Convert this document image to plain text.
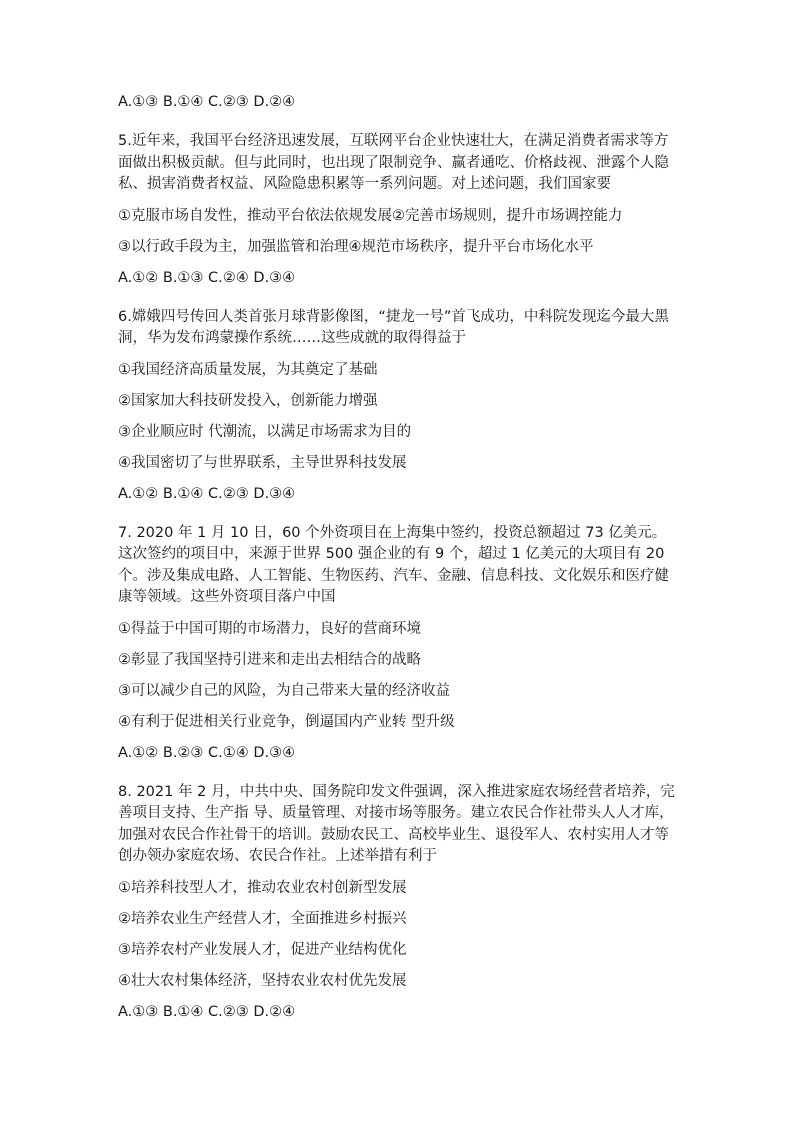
A.①③ B.①④ C.②③ D.②④
5.近年来，我国平台经济迅速发展，互联网平台企业快速壮大，在满足消费者需求等方面做出积极贡献。但与此同时，也出现了限制竞争、赢者通吃、价格歧视、泄露个人隐私、损害消费者权益、风险隐患积累等一系列问题。对上述问题，我们国家要
①克服市场自发性，推动平台依法依规发展②完善市场规则，提升市场调控能力
③以行政手段为主，加强监管和治理④规范市场秩序，提升平台市场化水平
A.①② B.①③ C.②④ D.③④
6.嫦娥四号传回人类首张月球背影像图，“捷龙一号”首飞成功，中科院发现迄今最大黑洞，华为发布鸿蒙操作系统……这些成就的取得得益于
①我国经济高质量发展，为其奠定了基础
②国家加大科技研发投入，创新能力增强
③企业顺应时 代潮流，以满足市场需求为目的
④我国密切了与世界联系，主导世界科技发展
A.①② B.①④ C.②③ D.③④
7. 2020 年 1 月 10 日，60 个外资项目在上海集中签约，投资总额超过 73 亿美元。这次签约的项目中，来源于世界 500 强企业的有 9 个，超过 1 亿美元的大项目有 20 个。涉及集成电路、人工智能、生物医药、汽车、金融、信息科技、文化娱乐和医疗健康等领域。这些外资项目落户中国
①得益于中国可期的市场潜力，良好的营商环境
②彰显了我国坚持引进来和走出去相结合的战略
③可以减少自己的风险，为自己带来大量的经济收益
④有利于促进相关行业竞争，倒逼国内产业转 型升级
A.①② B.②③ C.①④ D.③④
8. 2021 年 2 月，中共中央、国务院印发文件强调，深入推进家庭农场经营者培养，完善项目支持、生产指 导、质量管理、对接市场等服务。建立农民合作社带头人人才库，加强对农民合作社骨干的培训。鼓励农民工、高校毕业生、退役军人、农村实用人才等创办领办家庭农场、农民合作社。上述举措有利于
①培养科技型人才，推动农业农村创新型发展
②培养农业生产经营人才，全面推进乡村振兴
③培养农村产业发展人才，促进产业结构优化
④壮大农村集体经济，坚持农业农村优先发展
A.①③ B.①④ C.②③ D.②④
